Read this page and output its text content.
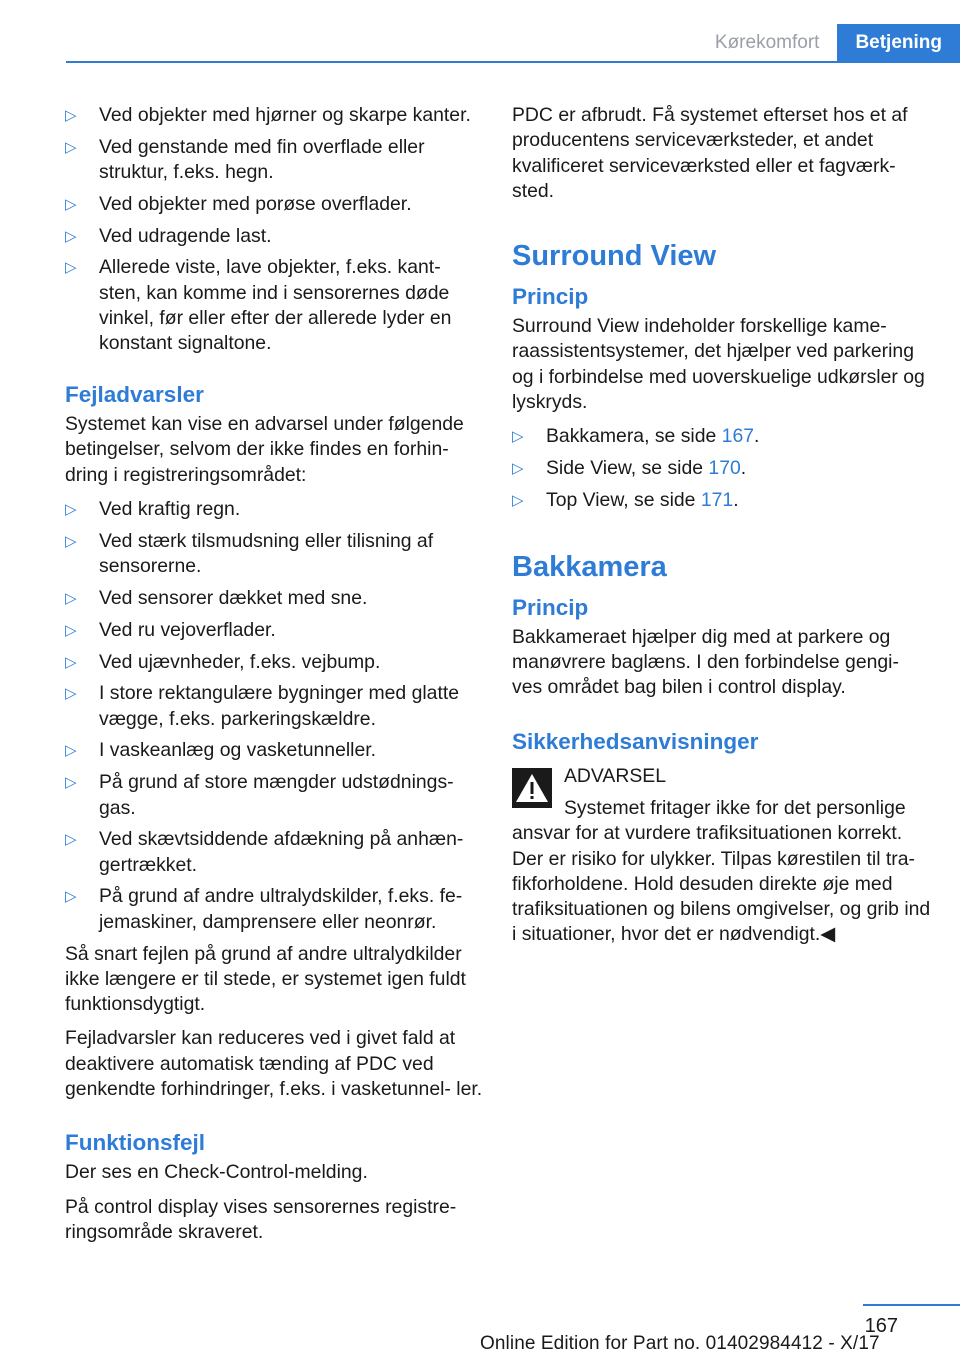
Kørekomfort	Betjening
▷ Ved objekter med hjørner og skarpe kanter.
▷ Ved genstande med fin overflade eller struktur, f.eks. hegn.
▷ Ved objekter med porøse overflader.
▷ Ved udragende last.
▷ Allerede viste, lave objekter, f.eks. kant‐ sten, kan komme ind i sensorernes døde vinkel, før eller efter der allerede lyder en konstant signaltone.
Fejladvarsler

Systemet kan vise en advarsel under følgende betingelser, selvom der ikke findes en forhin‐ dring i registreringsområdet:

▷ Ved kraftig regn.
▷ Ved stærk tilsmudsning eller tilisning af sensorerne.
▷ Ved sensorer dækket med sne.
▷ Ved ru vejoverflader.
▷ Ved ujævnheder, f.eks. vejbump.
▷ I store rektangulære bygninger med glatte vægge, f.eks. parkeringskældre.
▷ I vaskeanlæg og vasketunneller.
▷ På grund af store mængder udstødnings‐ gas.
▷ Ved skævtsiddende afdækning på anhæn‐ gertrækket.
▷ På grund af andre ultralydskilder, f.eks. fe‐ jemaskiner, damprensere eller neonrør.

Så snart fejlen på grund af andre ultralydkilder ikke længere er til stede, er systemet igen fuldt funktionsdygtigt.

Fejladvarsler kan reduceres ved i givet fald at deaktivere automatisk tænding af PDC ved genkendte forhindringer, f.eks. i vasketunnel‐ ler.

Funktionsfejl

Der ses en Check-Control-melding.

På control display vises sensorernes registre‐ ringsområde skraveret.

PDC er afbrudt. Få systemet efterset hos et af producentens serviceværksteder, et andet kvalificeret serviceværksted eller et fagværk‐ sted.

Surround View
Princip

Surround View indeholder forskellige kame‐ raassistentsystemer, det hjælper ved parkering og i forbindelse med uoverskuelige udkørsler og lyskryds.

▷ Bakkamera, se side 167.
▷ Side View, se side 170.
▷ Top View, se side 171.
Bakkamera
Princip

Bakkameraet hjælper dig med at parkere og manøvrere baglæns. I den forbindelse gengi‐ ves området bag bilen i control display.

Sikkerhedsanvisninger
ADVARSEL

Systemet fritager ikke for det personlige ansvar for at vurdere trafiksituationen korrekt. Der er risiko for ulykker. Tilpas kørestilen til tra‐ fikforholdene. Hold desuden direkte øje med trafiksituationen og bilens omgivelser, og grib ind i situationer, hvor det er nødvendigt.◀

167
Online Edition for Part no. 01402984412 - X/17
